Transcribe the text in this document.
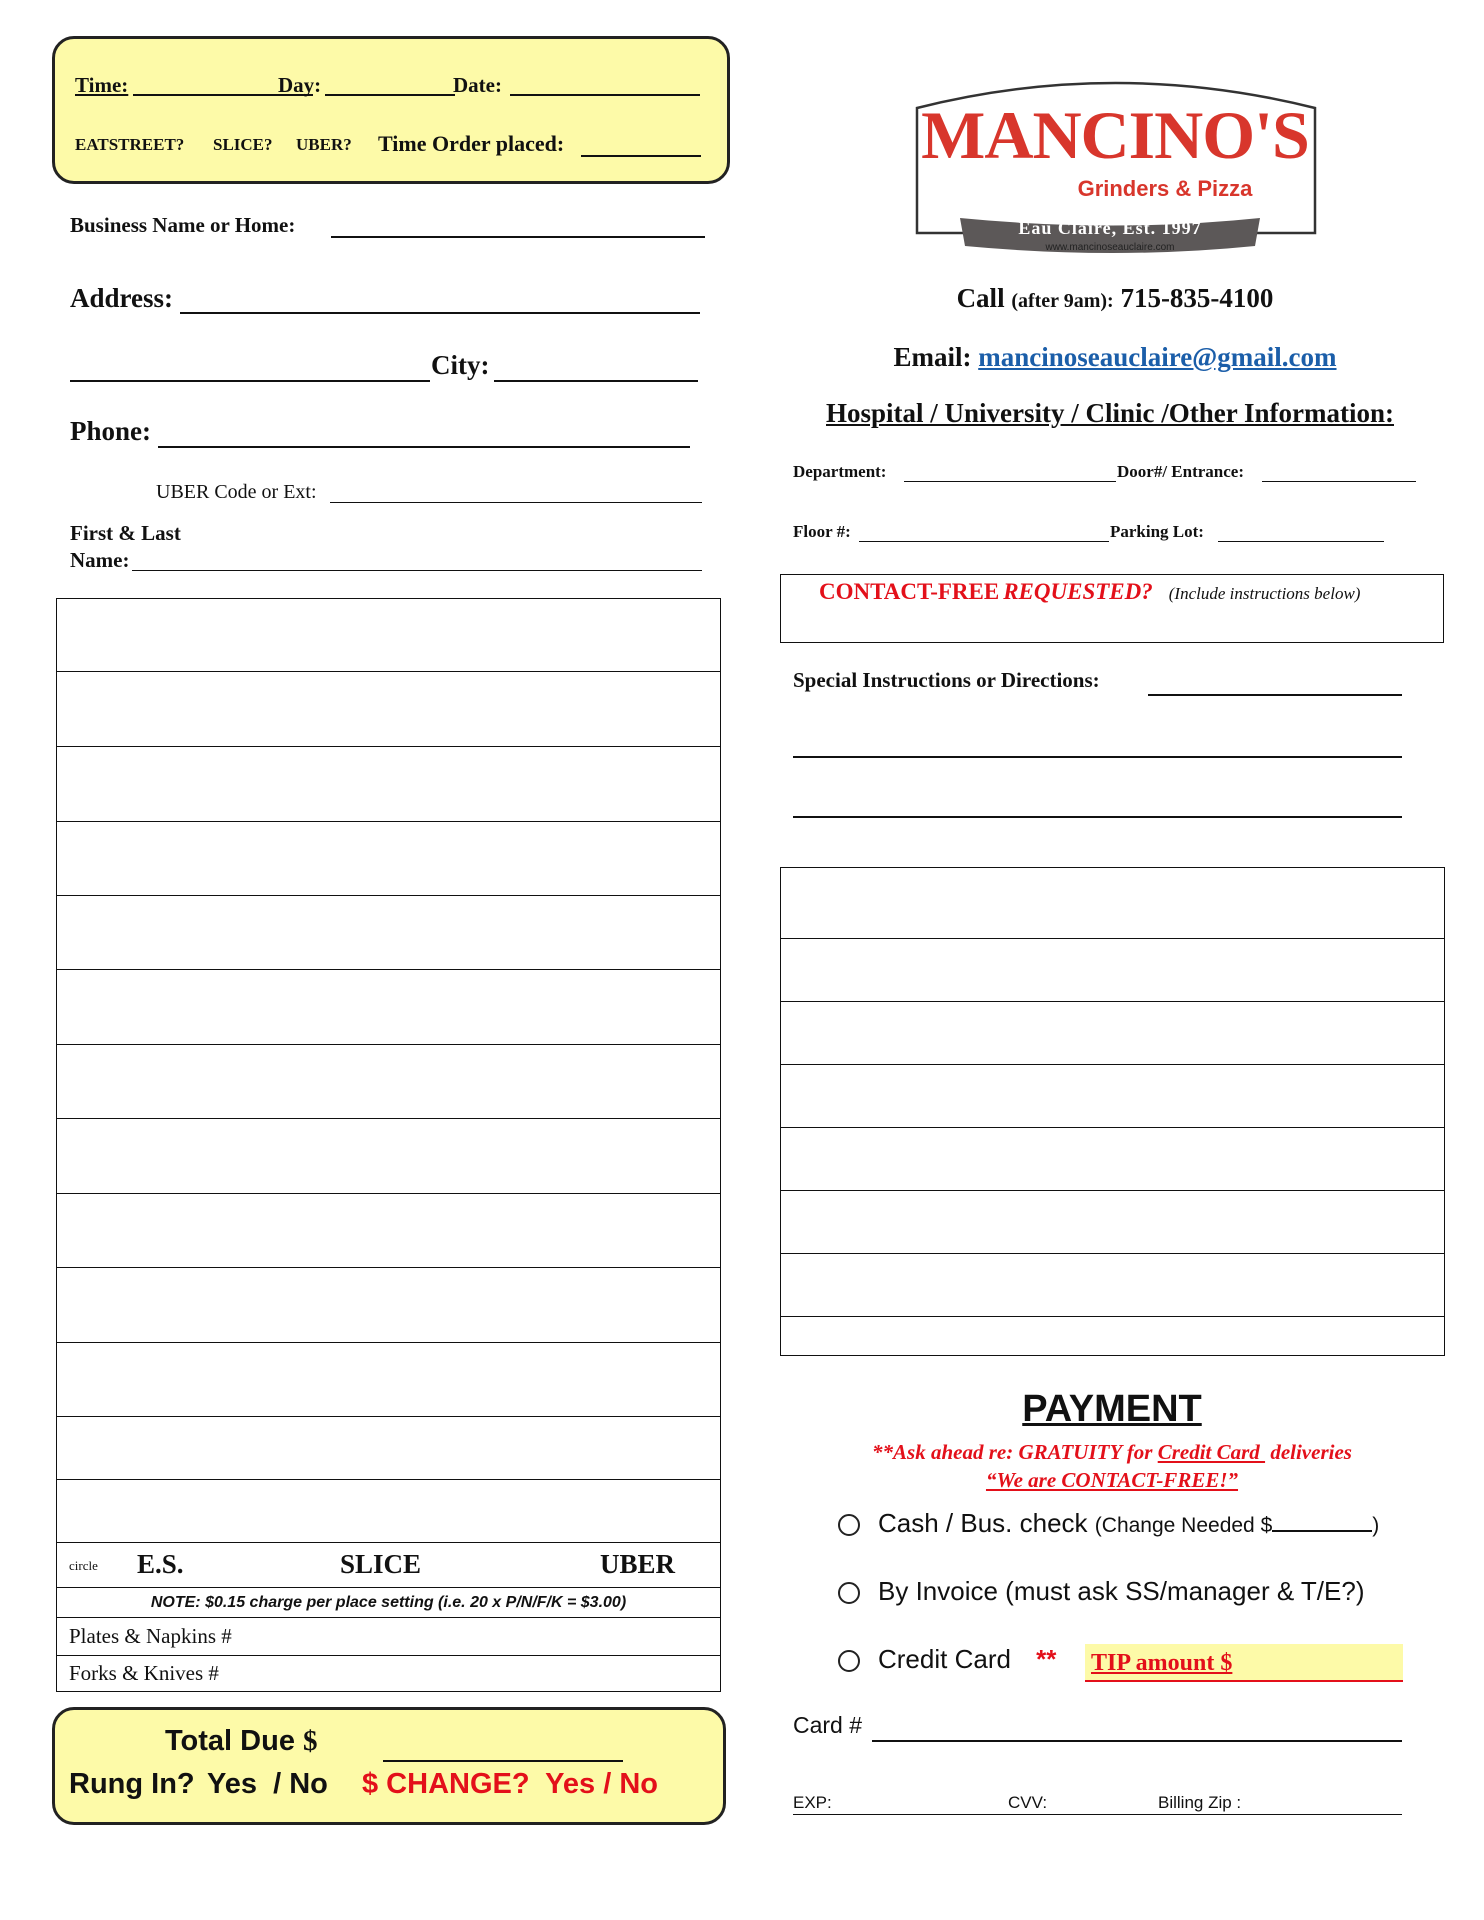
Time:	Day:	Date:
EATSTREET? SLICE? UBER? Time Order placed:
Business Name or Home:
Address:
City:
Phone:
UBER Code or Ext:
First & Last
Name:
MANCINO'S
Grinders & Pizza
Eau Claire, Est. 1997
www.mancinoseauclaire.com
Call (after 9am): 715-835-4100
Email: mancinoseauclaire@gmail.com
Hospital / University / Clinic /Other Information:
Department:	Door#/ Entrance:
Floor #:	Parking Lot:
CONTACT-FREE REQUESTED? (Include instructions below)
Special Instructions or Directions:
circle E.S.	SLICE	UBER
NOTE: $0.15 charge per place setting (i.e. 20 x P/N/F/K = $3.00)
Plates & Napkins #
Forks & Knives #
Total Due $
Rung In? Yes  / No $ CHANGE?  Yes / No
PAYMENT
**Ask ahead re: GRATUITY for Credit Card  deliveries
“We are CONTACT-FREE!”
Cash / Bus. check (Change Needed $	)
By Invoice (must ask SS/manager & T/E?)
Credit Card ** TIP amount $
Card #
EXP:	CVV:	Billing Zip :
